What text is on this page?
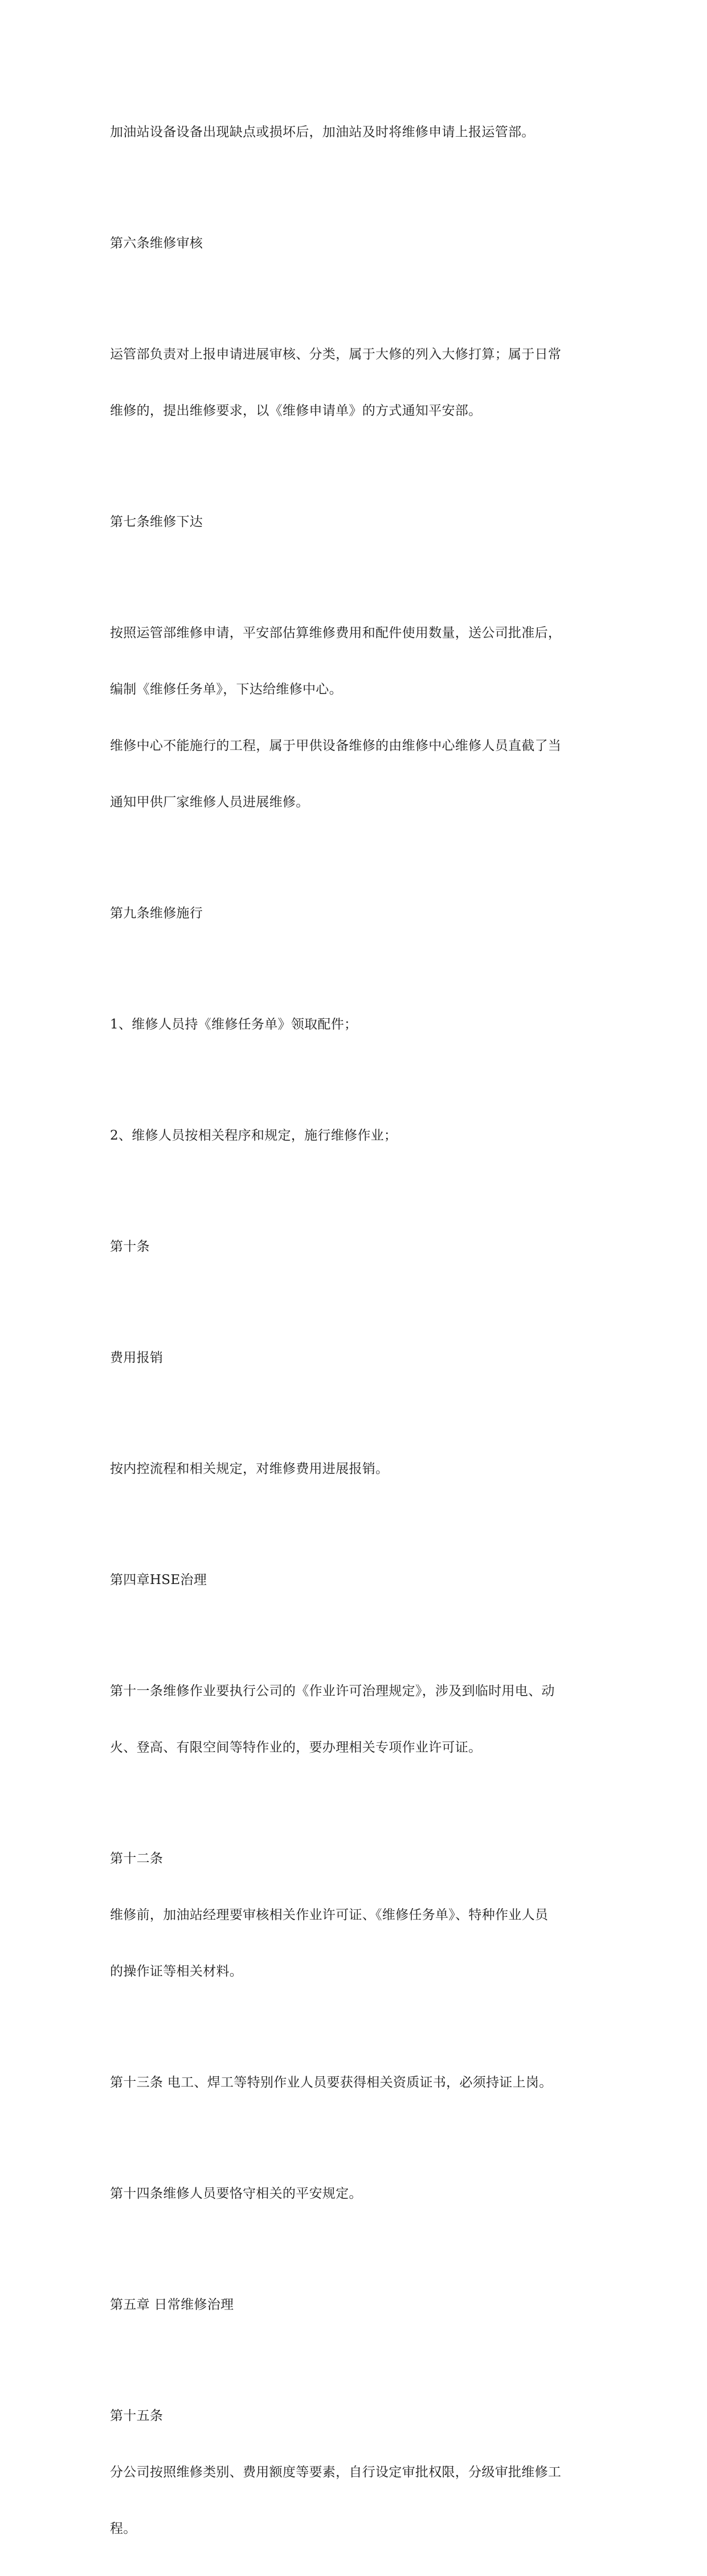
加油站设备设备出现缺点或损坏后，加油站及时将维修申请上报运管部。

第六条维修审核

运管部负责对上报申请进展审核、分类，属于大修的列入大修打算；属于日常

维修的，提出维修要求，以《维修申请单》的方式通知平安部。

第七条维修下达

按照运管部维修申请，平安部估算维修费用和配件使用数量，送公司批准后，

编制《维修任务单》，下达给维修中心。

维修中心不能施行的工程，属于甲供设备维修的由维修中心维修人员直截了当

通知甲供厂家维修人员进展维修。

第九条维修施行

1、维修人员持《维修任务单》领取配件；

2、维修人员按相关程序和规定，施行维修作业；

第十条

费用报销

按内控流程和相关规定，对维修费用进展报销。

第四章HSE治理

第十一条维修作业要执行公司的《作业许可治理规定》，涉及到临时用电、动

火、登高、有限空间等特作业的，要办理相关专项作业许可证。

第十二条

维修前，加油站经理要审核相关作业许可证、《维修任务单》、特种作业人员

的操作证等相关材料。

第十三条 电工、焊工等特别作业人员要获得相关资质证书，必须持证上岗。

第十四条维修人员要恪守相关的平安规定。

第五章 日常维修治理

第十五条

分公司按照维修类别、费用额度等要素，自行设定审批权限，分级审批维修工

程。
